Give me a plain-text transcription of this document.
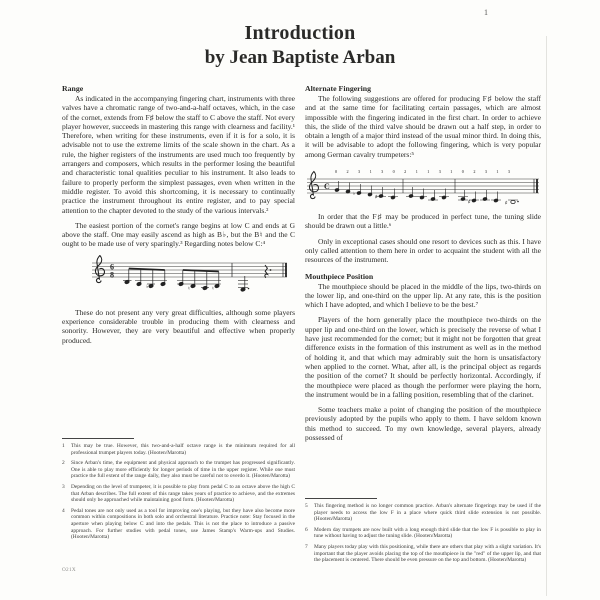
1
Introduction
by Jean Baptiste Arban
Range

As indicated in the accompanying fingering chart, instruments with three valves have a chromatic range of two-and-a-half octaves, which, in the case of the cornet, extends from F♯ below the staff to C above the staff. Not every player however, succeeds in mastering this range with clearness and facility.¹ Therefore, when writing for these instruments, even if it is for a solo, it is advisable not to use the extreme limits of the scale shown in the chart. As a rule, the higher registers of the instruments are used much too frequently by arrangers and composers, which results in the performer losing the beautiful and characteristic tonal qualities peculiar to his instrument. It also leads to failure to properly perform the simplest passages, even when written in the middle register. To avoid this shortcoming, it is necessary to continually practice the instrument throughout its entire register, and to pay special attention to the chapter devoted to the study of the various intervals.²

The easiest portion of the cornet's range begins at low C and ends at G above the staff. One may easily ascend as high as B♭, but the B♮ and the C ought to be made use of very sparingly.³ Regarding notes below C:⁴

6
8
♭	♮	♮

These do not present any very great difficulties, although some players experience considerable trouble in producing them with clearness and sonority. However, they are very beautiful and effective when properly produced.

Alternate Fingering

The following suggestions are offered for producing F♯ below the staff and at the same time for facilitating certain passages, which are almost impossible with the fingering indicated in the first chart. In order to achieve this, the slide of the third valve should be drawn out a half step, in order to obtain a length of a major third instead of the usual minor third. In doing this, it will be advisable to adopt the following fingering, which is very popular among German cavalry trumpeters:⁵

0 2 3 1 3 0 2 1 1 3 1 0 2 3 1 3
C
♭
♯
♯	♯

In order that the F♯ may be produced in perfect tune, the tuning slide should be drawn out a little.⁶

Only in exceptional cases should one resort to devices such as this. I have only called attention to them here in order to acquaint the student with all the resources of the instrument.

Mouthpiece Position

The mouthpiece should be placed in the middle of the lips, two-thirds on the lower lip, and one-third on the upper lip. At any rate, this is the position which I have adopted, and which I believe to be the best.⁷

Players of the horn generally place the mouthpiece two-thirds on the upper lip and one-third on the lower, which is precisely the reverse of what I have just recommended for the cornet; but it might not be forgotten that great difference exists in the formation of this instrument as well as in the method of holding it, and that which may admirably suit the horn is unsatisfactory when applied to the cornet. What, after all, is the principal object as regards the position of the cornet? It should be perfectly horizontal. Accordingly, if the mouthpiece were placed as though the performer were playing the horn, the instrument would be in a falling position, resembling that of the clarinet.

Some teachers make a point of changing the position of the mouthpiece previously adopted by the pupils who apply to them. I have seldom known this method to succeed. To my own knowledge, several players, already possessed of

1	This may be true. However, this two-and-a-half octave range is the minimum required for all professional trumpet players today. (Hooten/Marotta)
2	Since Arban's time, the equipment and physical approach to the trumpet has progressed significantly. One is able to play more efficiently for longer periods of time in the upper register. While one must practice the full extent of the range daily, they also must be careful not to overdo it. (Hooten/Marotta)
3	Depending on the level of trumpeter, it is possible to play from pedal C to an octave above the high C that Arban describes. The full extent of this range takes years of practice to achieve, and the extremes should only be approached while maintaining good form. (Hooten/Marotta)
4	Pedal tones are not only used as a tool for improving one's playing, but they have also become more common within compositions in both solo and orchestral literature. Practice note: Stay focused in the aperture when playing below C and into the pedals. This is not the place to introduce a passive approach. For further studies with pedal tones, use James Stamp's Warm-ups and Studies. (Hooten/Marotta)
5	This fingering method is no longer common practice. Arban's alternate fingerings may be used if the player needs to access the low F in a place where quick third slide extension is not possible. (Hooten/Marotta)
6	Modern day trumpets are now built with a long enough third slide that the low F is possible to play in tune without having to adjust the tuning slide. (Hooten/Marotta)
7	Many players today play with this positioning, while there are others that play with a slight variation. It's important that the player avoids placing the top of the mouthpiece in the "red" of the upper lip, and that the placement is centered. There should be even pressure on the top and bottom. (Hooten/Marotta)
O21X
